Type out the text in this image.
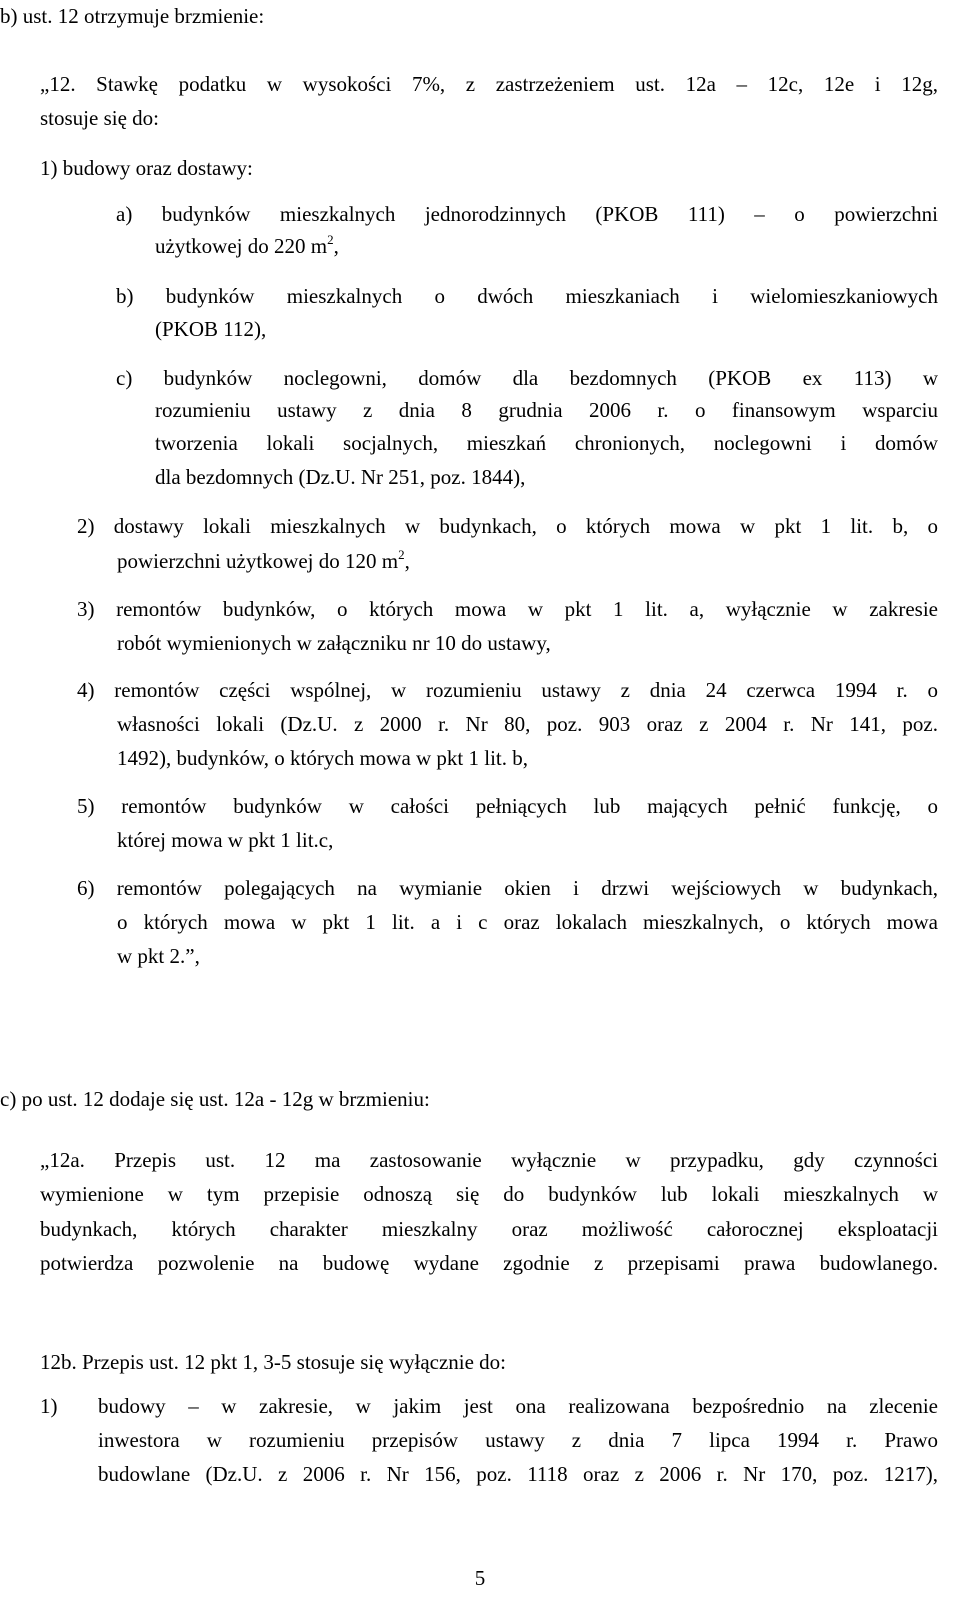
b) ust. 12 otrzymuje brzmienie:
„12. Stawkę podatku w wysokości 7%, z zastrzeżeniem ust. 12a – 12c, 12e i 12g,
stosuje się do:
1) budowy oraz dostawy:
a) budynków mieszkalnych jednorodzinnych (PKOB 111) – o powierzchni
użytkowej do 220 $m^2$,
b) budynków mieszkalnych o dwóch mieszkaniach i wielomieszkaniowych
(PKOB 112),
c) budynków noclegowni, domów dla bezdomnych (PKOB ex 113) w
rozumieniu ustawy z dnia 8 grudnia 2006 r. o finansowym wsparciu
tworzenia lokali socjalnych, mieszkań chronionych, noclegowni i domów
dla bezdomnych (Dz.U. Nr 251, poz. 1844),
2) dostawy lokali mieszkalnych w budynkach, o których mowa w pkt 1 lit. b, o
powierzchni użytkowej do 120 $m^2$,
3) remontów budynków, o których mowa w pkt 1 lit. a, wyłącznie w zakresie
robót wymienionych w załączniku nr 10 do ustawy,
4) remontów części wspólnej, w rozumieniu ustawy z dnia 24 czerwca 1994 r. o
własności lokali (Dz.U. z 2000 r. Nr 80, poz. 903 oraz z 2004 r. Nr 141, poz.
1492), budynków, o których mowa w pkt 1 lit. b,
5) remontów budynków w całości pełniących lub mających pełnić funkcję, o
której mowa w pkt 1 lit.c,
6) remontów polegających na wymianie okien i drzwi wejściowych w budynkach,
o których mowa w pkt 1 lit. a i c oraz lokalach mieszkalnych, o których mowa
w pkt 2.”,
c) po ust. 12 dodaje się ust. 12a - 12g w brzmieniu:
„12a. Przepis ust. 12 ma zastosowanie wyłącznie w przypadku, gdy czynności
wymienione w tym przepisie odnoszą się do budynków lub lokali mieszkalnych w
budynkach, których charakter mieszkalny oraz możliwość całorocznej eksploatacji
potwierdza pozwolenie na budowę wydane zgodnie z przepisami prawa budowlanego.
12b. Przepis ust. 12 pkt 1, 3-5 stosuje się wyłącznie do:
1) budowy – w zakresie, w jakim jest ona realizowana bezpośrednio na zlecenie
inwestora w rozumieniu przepisów ustawy z dnia 7 lipca 1994 r. Prawo
budowlane (Dz.U. z 2006 r. Nr 156, poz. 1118 oraz z 2006 r. Nr 170, poz. 1217),
5
